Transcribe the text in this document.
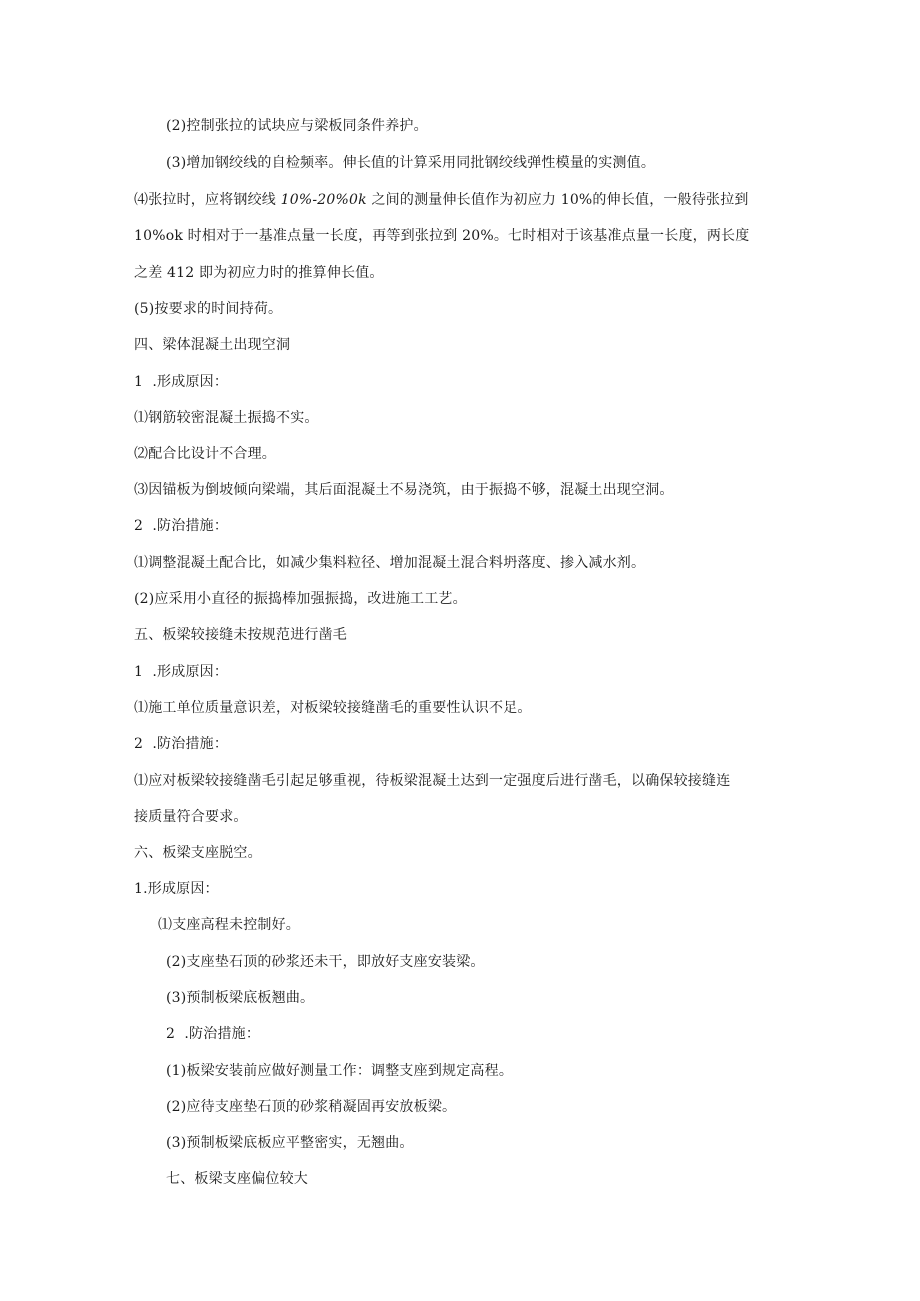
(2)控制张拉的试块应与梁板同条件养护。
(3)增加钢绞线的自检频率。伸长值的计算采用同批钢绞线弹性模量的实测值。
⑷张拉时，应将钢绞线 10%-20%0k 之间的测量伸长值作为初应力 10%的伸长值，一般待张拉到
10%ok 时相对于一基准点量一长度，再等到张拉到 20%。七时相对于该基准点量一长度，两长度
之差 412 即为初应力时的推算伸长值。
(5)按要求的时间持荷。
四、梁体混凝土出现空洞
1  .形成原因：
⑴钢筋较密混凝土振捣不实。
⑵配合比设计不合理。
⑶因锚板为倒坡倾向梁端，其后面混凝土不易浇筑，由于振捣不够，混凝土出现空洞。
2  .防治措施：
⑴调整混凝土配合比，如减少集料粒径、增加混凝土混合料坍落度、掺入减水剂。
(2)应采用小直径的振捣棒加强振捣，改进施工工艺。
五、板梁较接缝未按规范进行凿毛
1  .形成原因：
⑴施工单位质量意识差，对板梁较接缝凿毛的重要性认识不足。
2  .防治措施：
⑴应对板梁较接缝凿毛引起足够重视，待板梁混凝土达到一定强度后进行凿毛，以确保较接缝连
接质量符合要求。
六、板梁支座脱空。
1.形成原因：
⑴支座高程未控制好。
(2)支座垫石顶的砂浆还未干，即放好支座安装梁。
(3)预制板梁底板翘曲。
2  .防治措施：
(1)板梁安装前应做好测量工作：调整支座到规定高程。
(2)应待支座垫石顶的砂浆稍凝固再安放板梁。
(3)预制板梁底板应平整密实，无翘曲。
七、板梁支座偏位较大
